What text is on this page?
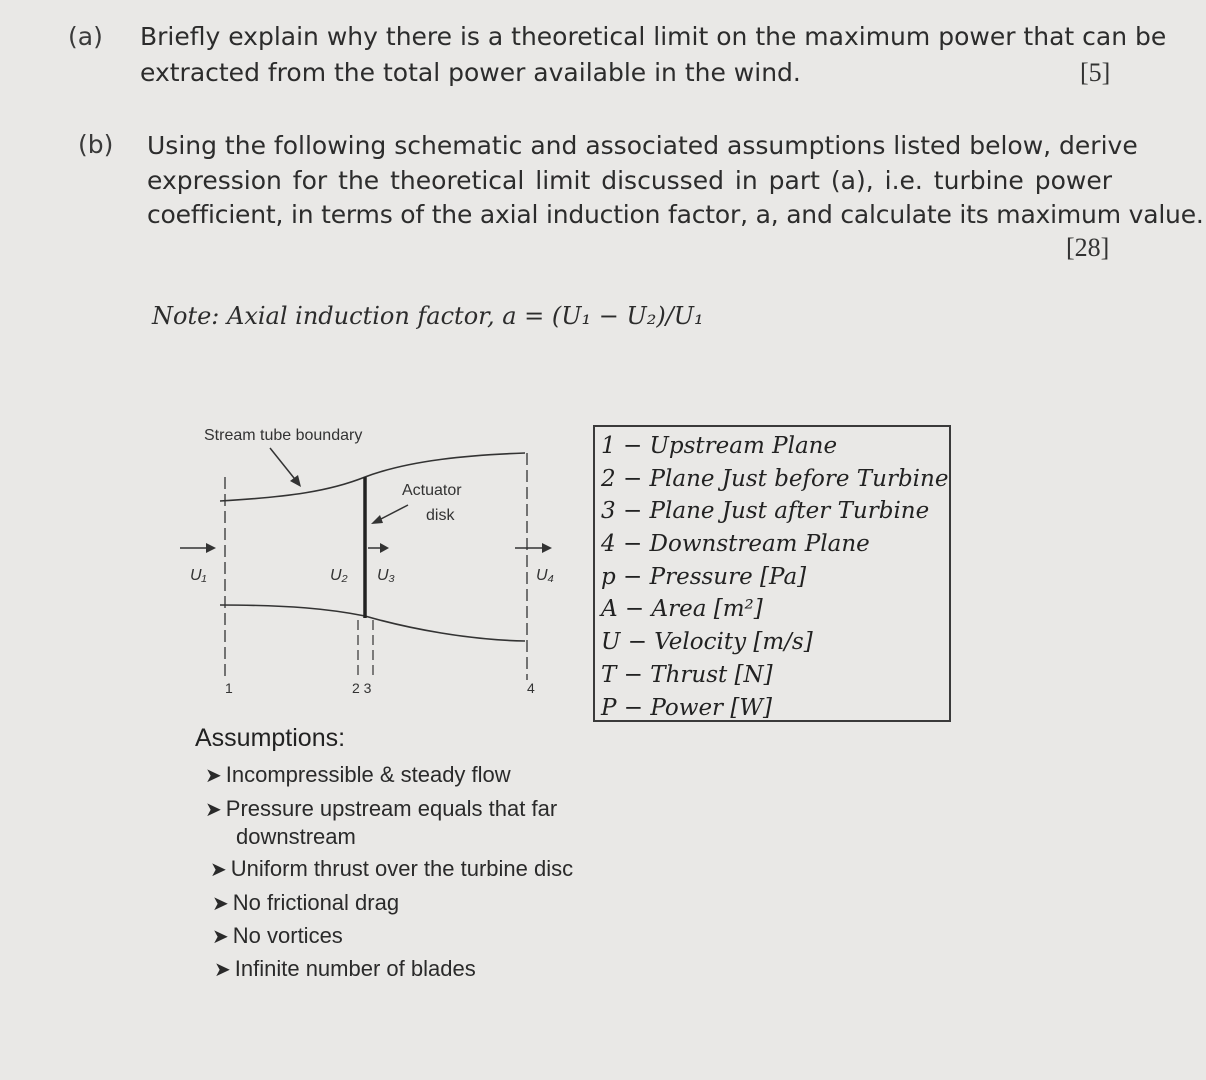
(a) Briefly explain why there is a theoretical limit on the maximum power that can be
extracted from the total power available in the wind.	[5]
(b) Using the following schematic and associated assumptions listed below, derive
expression for the theoretical limit discussed in part (a), i.e. turbine power
coefficient, in terms of the axial induction factor, a, and calculate its maximum value.
[28]
Note: Axial induction factor, a = (U₁ − U₂)/U₁
Stream tube boundary
Actuator
disk
U₁	U₂ U₃	U₄
1	2 3	4
1 − Upstream Plane
2 − Plane Just before Turbine
3 − Plane Just after Turbine
4 − Downstream Plane
p − Pressure [Pa]
A − Area [m²]
U − Velocity [m/s]
T − Thrust [N]
P − Power [W]
Assumptions:
➤ Incompressible & steady flow
➤ Pressure upstream equals that far
downstream
➤ Uniform thrust over the turbine disc
➤ No frictional drag
➤ No vortices
➤ Infinite number of blades
